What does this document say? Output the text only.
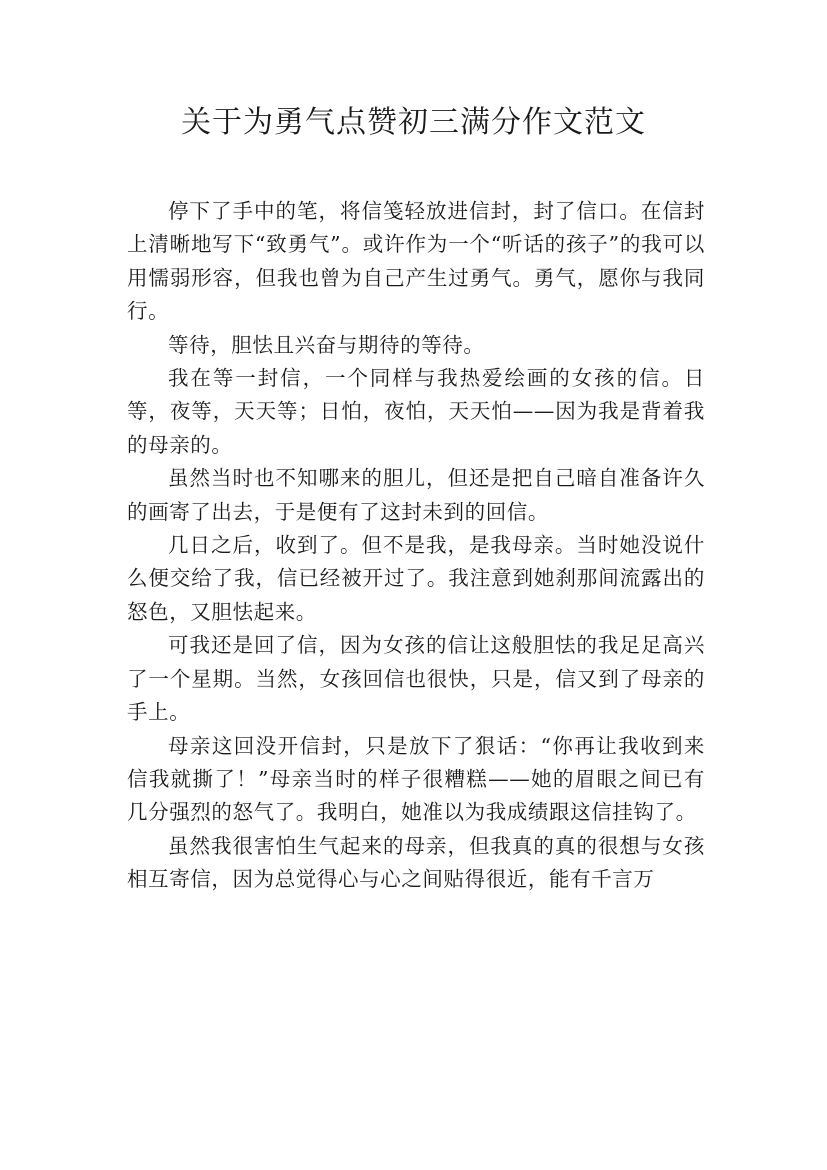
关于为勇气点赞初三满分作文范文

停下了手中的笔，将信笺轻放进信封，封了信口。在信封上清晰地写下“致勇气”。或许作为一个“听话的孩子”的我可以用懦弱形容，但我也曾为自己产生过勇气。勇气，愿你与我同行。

等待，胆怯且兴奋与期待的等待。

我在等一封信，一个同样与我热爱绘画的女孩的信。日等，夜等，天天等；日怕，夜怕，天天怕——因为我是背着我的母亲的。

虽然当时也不知哪来的胆儿，但还是把自己暗自准备许久的画寄了出去，于是便有了这封未到的回信。

几日之后，收到了。但不是我，是我母亲。当时她没说什么便交给了我，信已经被开过了。我注意到她刹那间流露出的怒色，又胆怯起来。

可我还是回了信，因为女孩的信让这般胆怯的我足足高兴了一个星期。当然，女孩回信也很快，只是，信又到了母亲的手上。

母亲这回没开信封，只是放下了狠话：“你再让我收到来信我就撕了！”母亲当时的样子很糟糕——她的眉眼之间已有几分强烈的怒气了。我明白，她准以为我成绩跟这信挂钩了。

虽然我很害怕生气起来的母亲，但我真的真的很想与女孩相互寄信，因为总觉得心与心之间贴得很近，能有千言万
